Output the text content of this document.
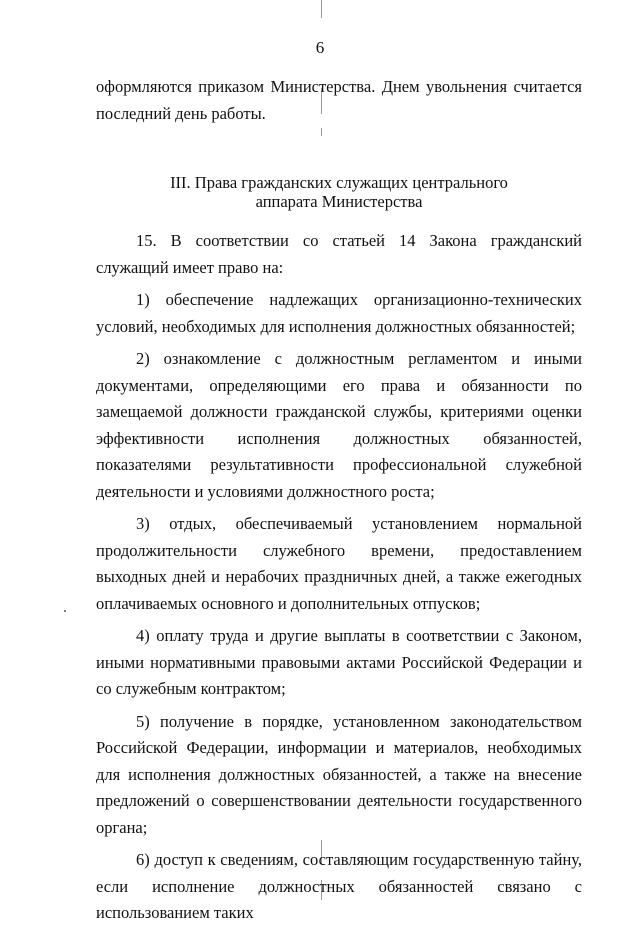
6
оформляются приказом Министерства. Днем увольнения считается последний день работы.
III. Права гражданских служащих центрального
аппарата Министерства

15. В соответствии со статьей 14 Закона гражданский служащий имеет право на:

1) обеспечение надлежащих организационно-технических условий, необходимых для исполнения должностных обязанностей;

2) ознакомление с должностным регламентом и иными документами, определяющими его права и обязанности по замещаемой должности гражданской службы, критериями оценки эффективности исполнения должностных обязанностей, показателями результативности профессиональной служебной деятельности и условиями должностного роста;

3) отдых, обеспечиваемый установлением нормальной продолжительности служебного времени, предоставлением выходных дней и нерабочих праздничных дней, а также ежегодных оплачиваемых основного и дополнительных отпусков;

4) оплату труда и другие выплаты в соответствии с Законом, иными нормативными правовыми актами Российской Федерации и со служебным контрактом;

5) получение в порядке, установленном законодательством Российской Федерации, информации и материалов, необходимых для исполнения должностных обязанностей, а также на внесение предложений о совершенствовании деятельности государственного органа;

6) доступ к сведениям, составляющим государственную тайну, если исполнение должностных обязанностей связано с использованием таких
